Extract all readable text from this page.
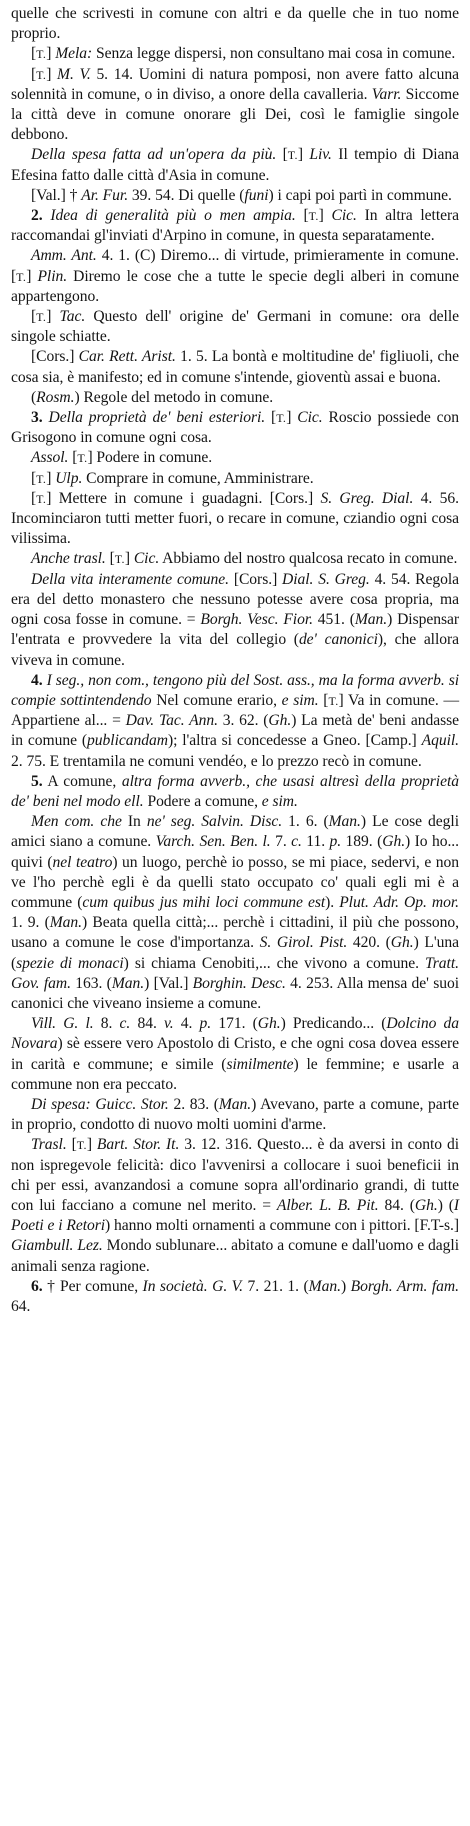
quelle che scrivesti in comune con altri e da quelle che in tuo nome proprio.

[T.] Mela: Senza legge dispersi, non consultano mai cosa in comune.

[T.] M. V. 5. 14. Uomini di natura pomposi, non avere fatto alcuna solennità in comune, o in diviso, a onore della cavalleria. Varr. Siccome la città deve in comune onorare gli Dei, così le famiglie singole debbono.

Della spesa fatta ad un'opera da più. [T.] Liv. Il tempio di Diana Efesina fatto dalle città d'Asia in comune.

[Val.] † Ar. Fur. 39. 54. Di quelle (funi) i capi poi partì in commune.

2. Idea di generalità più o men ampia. [T.] Cic. In altra lettera raccomandai gl'inviati d'Arpino in comune, in questa separatamente.

Amm. Ant. 4. 1. (C) Diremo... di virtude, primieramente in comune. [T.] Plin. Diremo le cose che a tutte le specie degli alberi in comune appartengono.

[T.] Tac. Questo dell' origine de' Germani in comune: ora delle singole schiatte.

[Cors.] Car. Rett. Arist. 1. 5. La bontà e moltitudine de' figliuoli, che cosa sia, è manifesto; ed in comune s'intende, gioventù assai e buona.

(Rosm.) Regole del metodo in comune.

3. Della proprietà de' beni esteriori. [T.] Cic. Roscio possiede con Grisogono in comune ogni cosa.

Assol. [T.] Podere in comune.

[T.] Ulp. Comprare in comune, Amministrare.

[T.] Mettere in comune i guadagni. [Cors.] S. Greg. Dial. 4. 56. Incominciaron tutti metter fuori, o recare in comune, cziandio ogni cosa vilissima.

Anche trasl. [T.] Cic. Abbiamo del nostro qualcosa recato in comune.

Della vita interamente comune. [Cors.] Dial. S. Greg. 4. 54. Regola era del detto monastero che nessuno potesse avere cosa propria, ma ogni cosa fosse in comune. = Borgh. Vesc. Fior. 451. (Man.) Dispensar l'entrata e provvedere la vita del collegio (de' canonici), che allora viveva in comune.

4. I seg., non com., tengono più del Sost. ass., ma la forma avverb. si compie sottintendendo Nel comune erario, e sim. [T.] Va in comune. — Appartiene al... = Dav. Tac. Ann. 3. 62. (Gh.) La metà de' beni andasse in comune (publicandam); l'altra si concedesse a Gneo. [Camp.] Aquil. 2. 75. E trentamila ne comuni vendéo, e lo prezzo recò in comune.

5. A comune, altra forma avverb., che usasi altresì della proprietà de' beni nel modo ell. Podere a comune, e sim.

Men com. che In ne' seg. Salvin. Disc. 1. 6. (Man.) Le cose degli amici siano a comune. Varch. Sen. Ben. l. 7. c. 11. p. 189. (Gh.) Io ho... quivi (nel teatro) un luogo, perchè io posso, se mi piace, sedervi, e non ve l'ho perchè egli è da quelli stato occupato co' quali egli mi è a commune (cum quibus jus mihi loci commune est). Plut. Adr. Op. mor. 1. 9. (Man.) Beata quella città;... perchè i cittadini, il più che possono, usano a comune le cose d'importanza. S. Girol. Pist. 420. (Gh.) L'una (spezie di monaci) si chiama Cenobiti,... che vivono a comune. Tratt. Gov. fam. 163. (Man.) [Val.] Borghin. Desc. 4. 253. Alla mensa de' suoi canonici che viveano insieme a comune.

Vill. G. l. 8. c. 84. v. 4. p. 171. (Gh.) Predicando... (Dolcino da Novara) sè essere vero Apostolo di Cristo, e che ogni cosa dovea essere in carità e commune; e simile (similmente) le femmine; e usarle a commune non era peccato.

Di spesa: Guicc. Stor. 2. 83. (Man.) Avevano, parte a comune, parte in proprio, condotto di nuovo molti uomini d'arme.

Trasl. [T.] Bart. Stor. It. 3. 12. 316. Questo... è da aversi in conto di non ispregevole felicità: dico l'avvenirsi a collocare i suoi beneficii in chi per essi, avanzandosi a comune sopra all'ordinario grandi, di tutte con lui facciano a comune nel merito. = Alber. L. B. Pit. 84. (Gh.) (I Poeti e i Retori) hanno molti ornamenti a commune con i pittori. [F.T-s.] Giambull. Lez. Mondo sublunare... abitato a comune e dall'uomo e dagli animali senza ragione.

6. † Per comune, In società. G. V. 7. 21. 1. (Man.) Borgh. Arm. fam. 64.
